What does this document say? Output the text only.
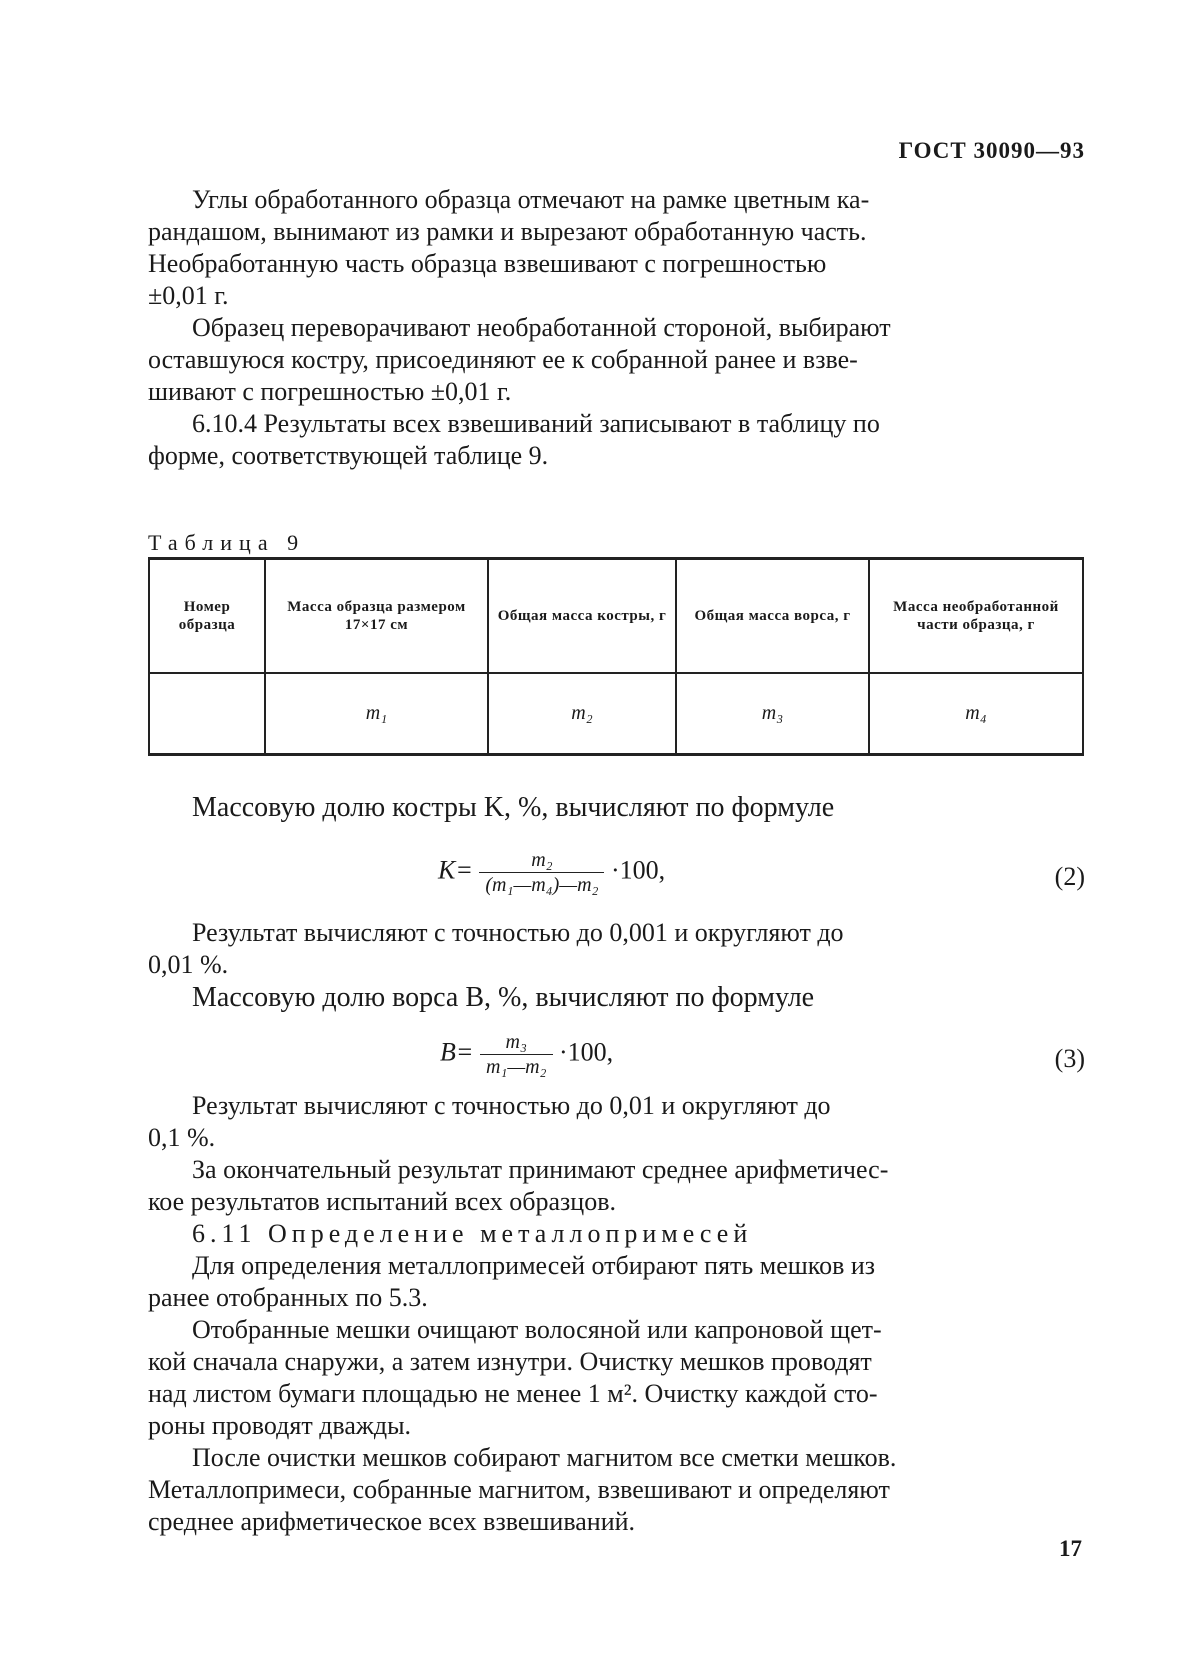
ГОСТ 30090—93

Углы обработанного образца отмечают на рамке цветным ка-

рандашом, вынимают из рамки и вырезают обработанную часть.

Необработанную часть образца взвешивают с погрешностью

±0,01 г.

Образец переворачивают необработанной стороной, выбирают

оставшуюся костру, присоединяют ее к собранной ранее и взве-

шивают с погрешностью ±0,01 г.

6.10.4 Результаты всех взвешиваний записывают в таблицу по

форме, соответствующей таблице 9.

Таблица 9
Номер образца	Масса образца размером 17×17 см	Общая масса костры, г	Общая масса ворса, г	Масса необработанной части образца, г
	m₁	m₂	m₃	m₄

Массовую долю костры K, %, вычисляют по формуле

$K= \frac{\text{m₂}}{\text{(m₁—m₄)—m₂}} \cdot 100$,	(2)

Результат вычисляют с точностью до 0,001 и округляют до

0,01 %.

Массовую долю ворса B, %, вычисляют по формуле

$B= \frac{\text{m₃}}{\text{m₁—m₂}} \cdot 100$,	(3)

Результат вычисляют с точностью до 0,01 и округляют до

0,1 %.

За окончательный результат принимают среднее арифметичес-

кое результатов испытаний всех образцов.

6.11 Определение металлопримесей

Для определения металлопримесей отбирают пять мешков из

ранее отобранных по 5.3.

Отобранные мешки очищают волосяной или капроновой щет-

кой сначала снаружи, а затем изнутри. Очистку мешков проводят

над листом бумаги площадью не менее 1 м². Очистку каждой сто-

роны проводят дважды.

После очистки мешков собирают магнитом все сметки мешков.

Металлопримеси, собранные магнитом, взвешивают и определяют

среднее арифметическое всех взвешиваний.

17
